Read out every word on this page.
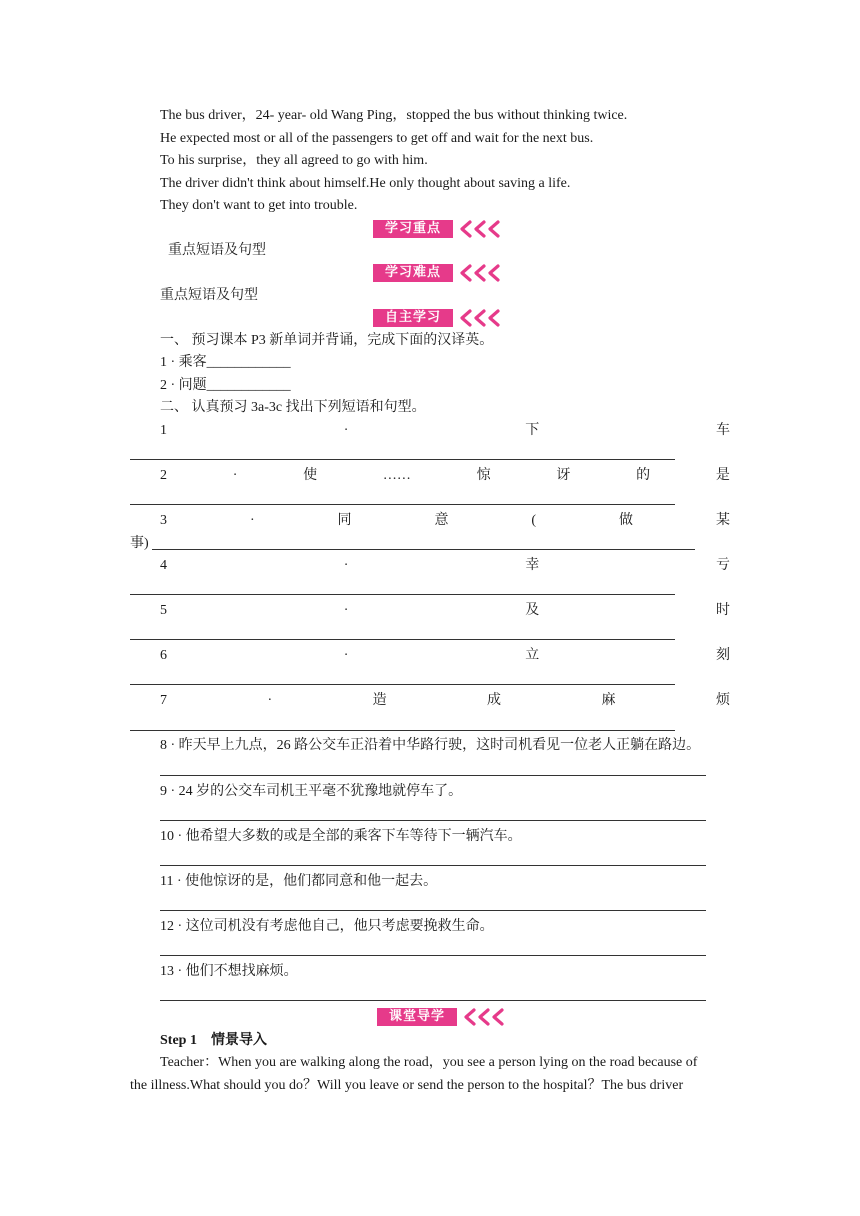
The bus driver，24- year- old Wang Ping，stopped the bus without thinking twice.
He expected most or all of the passengers to get off and wait for the next bus.
To his surprise，they all agreed to go with him.
The driver didn't think about himself.He only thought about saving a life.
They don't want to get into trouble.
学习重点
重点短语及句型
学习难点
重点短语及句型
自主学习
一、 预习课本 P3 新单词并背诵，完成下面的汉译英。
1 · 乘客____________
2 · 问题____________
二、 认真预习 3a-3c 找出下列短语和句型。
1	·	下	车
2	·	使	……	惊	讶	的	是
3	·	同	意	(	做	某
事)
4	·	幸	亏
5	·	及	时
6	·	立	刻
7	·	造	成	麻	烦
8 · 昨天早上九点，26 路公交车正沿着中华路行驶，这时司机看见一位老人正躺在路边。
9 · 24 岁的公交车司机王平毫不犹豫地就停车了。
10 · 他希望大多数的或是全部的乘客下车等待下一辆汽车。
11 · 使他惊讶的是，他们都同意和他一起去。
12 · 这位司机没有考虑他自己，他只考虑要挽救生命。
13 · 他们不想找麻烦。
课堂导学
Step 1 情景导入
Teacher：When you are walking along the road，you see a person lying on the road because of
the illness.What should you do？Will you leave or send the person to the hospital？The bus driver
